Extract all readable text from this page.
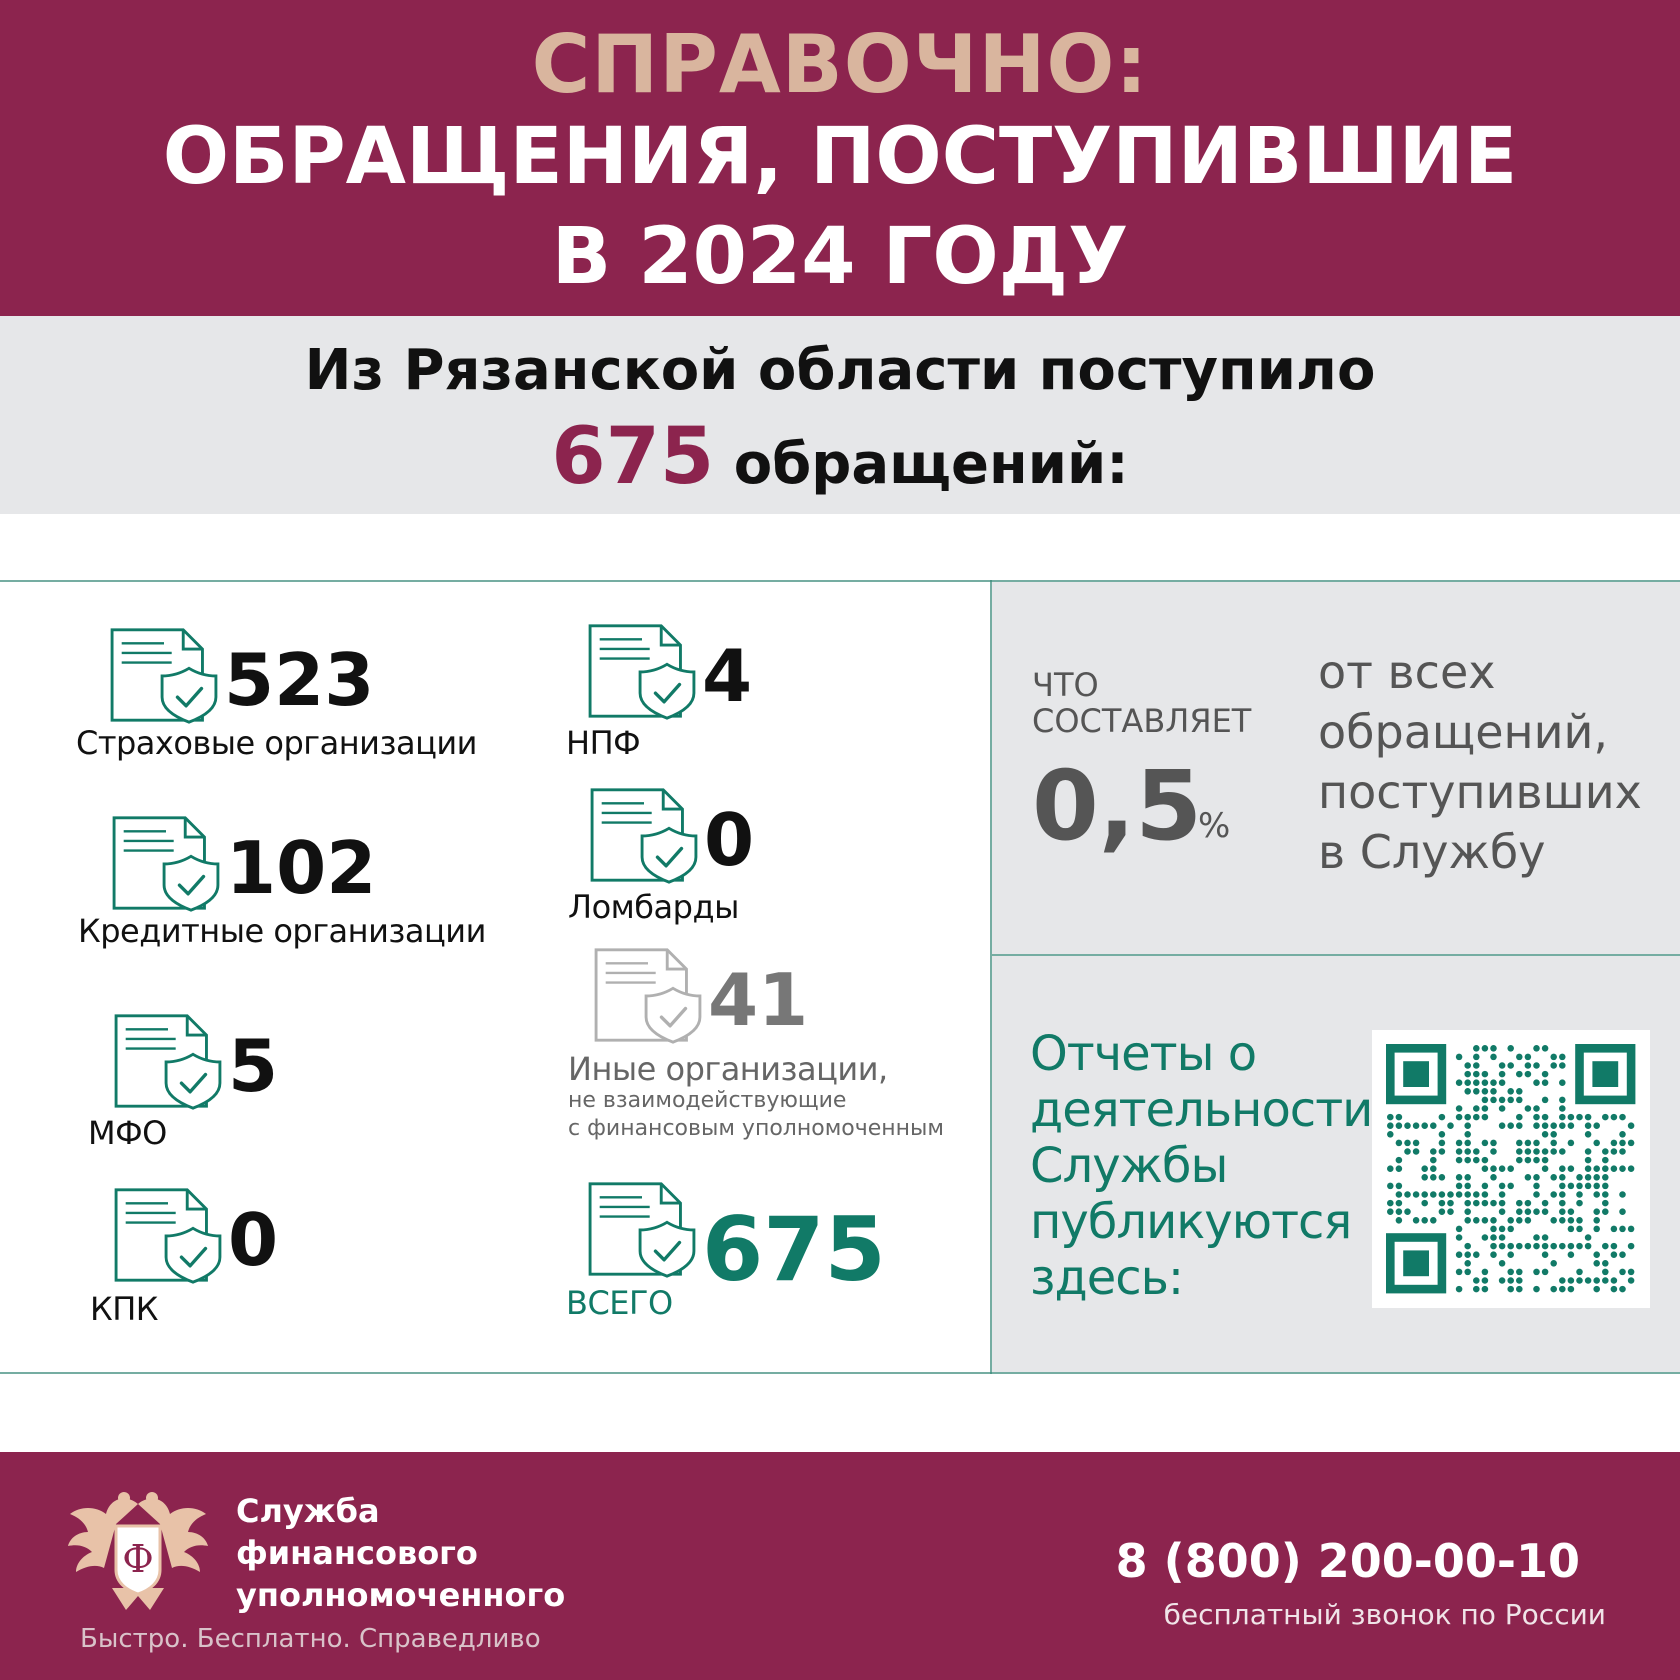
СПРАВОЧНО:
ОБРАЩЕНИЯ, ПОСТУПИВШИЕ
В 2024 ГОДУ
Из Рязанской области поступило
675 обращений:
523
Страховые организации
102
Кредитные организации
5
МФО
0
КПК
4
НПФ
0
Ломбарды
41
Иные организации,
не взаимодействующие
с финансовым уполномоченным
675
ВСЕГО
ЧТО
СОСТАВЛЯЕТ
0,5
%
от всех
обращений,
поступивших
в Службу
Отчеты о
деятельности
Службы
публикуются
здесь:
Ф
Служба
финансового
уполномоченного
Быстро. Бесплатно. Справедливо
8 (800) 200-00-10
бесплатный звонок по России
